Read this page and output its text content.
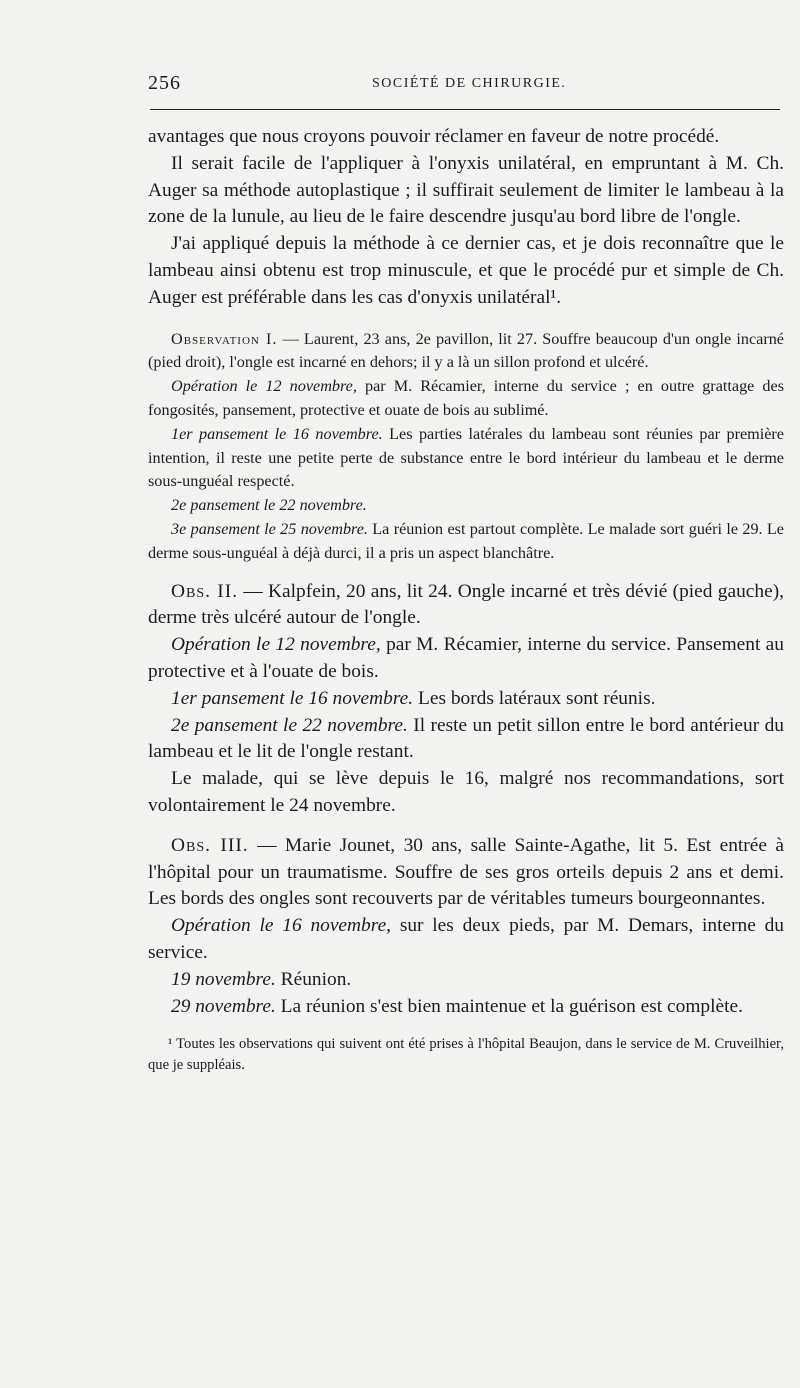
256	SOCIÉTÉ DE CHIRURGIE.

avantages que nous croyons pouvoir réclamer en faveur de notre procédé.

Il serait facile de l'appliquer à l'onyxis unilatéral, en empruntant à M. Ch. Auger sa méthode autoplastique ; il suffirait seulement de limiter le lambeau à la zone de la lunule, au lieu de le faire descendre jusqu'au bord libre de l'ongle.

J'ai appliqué depuis la méthode à ce dernier cas, et je dois reconnaître que le lambeau ainsi obtenu est trop minuscule, et que le procédé pur et simple de Ch. Auger est préférable dans les cas d'onyxis unilatéral¹.

Observation I. — Laurent, 23 ans, 2e pavillon, lit 27. Souffre beaucoup d'un ongle incarné (pied droit), l'ongle est incarné en dehors; il y a là un sillon profond et ulcéré.

Opération le 12 novembre, par M. Récamier, interne du service ; en outre grattage des fongosités, pansement, protective et ouate de bois au sublimé.

1er pansement le 16 novembre. Les parties latérales du lambeau sont réunies par première intention, il reste une petite perte de substance entre le bord intérieur du lambeau et le derme sous-unguéal respecté.

2e pansement le 22 novembre.

3e pansement le 25 novembre. La réunion est partout complète. Le malade sort guéri le 29. Le derme sous-unguéal à déjà durci, il a pris un aspect blanchâtre.

Obs. II. — Kalpfein, 20 ans, lit 24. Ongle incarné et très dévié (pied gauche), derme très ulcéré autour de l'ongle.

Opération le 12 novembre, par M. Récamier, interne du service. Pansement au protective et à l'ouate de bois.

1er pansement le 16 novembre. Les bords latéraux sont réunis.

2e pansement le 22 novembre. Il reste un petit sillon entre le bord antérieur du lambeau et le lit de l'ongle restant.

Le malade, qui se lève depuis le 16, malgré nos recommandations, sort volontairement le 24 novembre.

Obs. III. — Marie Jounet, 30 ans, salle Sainte-Agathe, lit 5. Est entrée à l'hôpital pour un traumatisme. Souffre de ses gros orteils depuis 2 ans et demi. Les bords des ongles sont recouverts par de véritables tumeurs bourgeonnantes.

Opération le 16 novembre, sur les deux pieds, par M. Demars, interne du service.

19 novembre. Réunion.

29 novembre. La réunion s'est bien maintenue et la guérison est complète.

¹ Toutes les observations qui suivent ont été prises à l'hôpital Beaujon, dans le service de M. Cruveilhier, que je suppléais.
